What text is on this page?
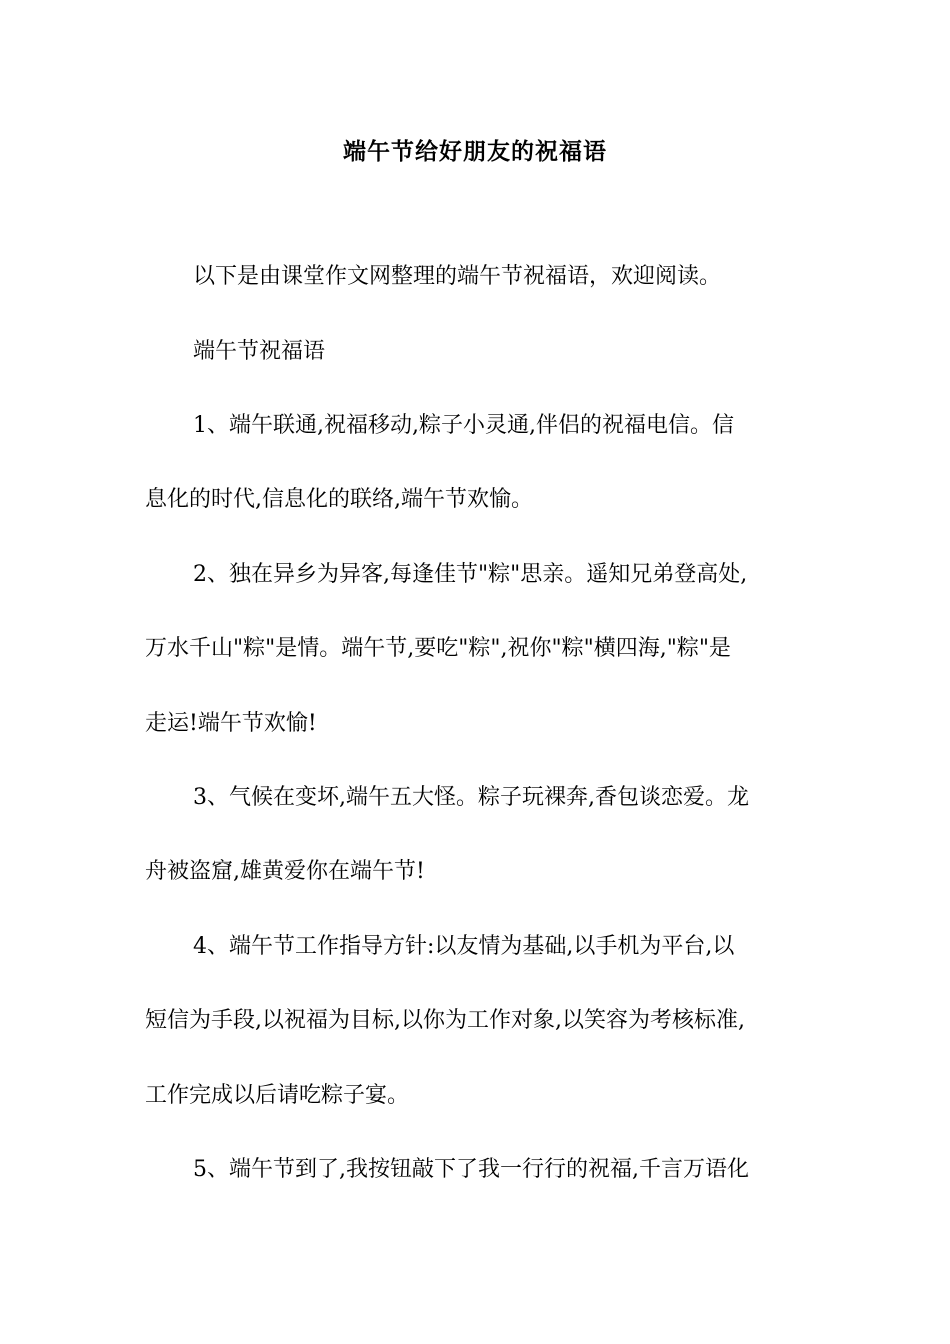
端午节给好朋友的祝福语
以下是由课堂作文网整理的端午节祝福语，欢迎阅读。
端午节祝福语
1、端午联通,祝福移动,粽子小灵通,伴侣的祝福电信。信
息化的时代,信息化的联络,端午节欢愉。
2、独在异乡为异客,每逢佳节"粽"思亲。遥知兄弟登高处,
万水千山"粽"是情。端午节,要吃"粽",祝你"粽"横四海,"粽"是
走运!端午节欢愉!
3、气候在变坏,端午五大怪。粽子玩裸奔,香包谈恋爱。龙
舟被盗窟,雄黄爱你在端午节!
4、端午节工作指导方针:以友情为基础,以手机为平台,以
短信为手段,以祝福为目标,以你为工作对象,以笑容为考核标准,
工作完成以后请吃粽子宴。
5、端午节到了,我按钮敲下了我一行行的祝福,千言万语化
